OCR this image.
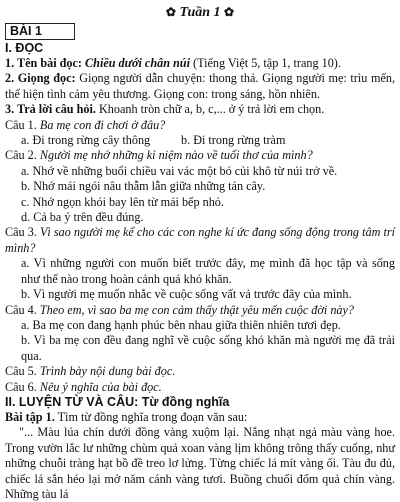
✿ Tuần 1 ✿
BÀI 1
I. ĐỌC

1. Tên bài đọc: Chiều dưới chân núi (Tiếng Việt 5, tập 1, trang 10).

2. Giọng đọc: Giọng người dẫn chuyện: thong thả. Giọng người mẹ: trìu mến, thể hiện tình cảm yêu thương. Giọng con: trong sáng, hồn nhiên.

3. Trả lời câu hỏi. Khoanh tròn chữ a, b, c,... ở ý trả lời em chọn.

Câu 1. Ba mẹ con đi chơi ở đâu?

a. Đi trong rừng cây thông	b. Đi trong rừng tràm

Câu 2. Người mẹ nhớ những kỉ niệm nào về tuổi thơ của mình?

a. Nhớ về những buổi chiều vai vác một bó củi khô từ núi trở về.

b. Nhớ mái ngói nâu thẫm lẫn giữa những tán cây.

c. Nhớ ngọn khói bay lên từ mái bếp nhỏ.

d. Cả ba ý trên đều đúng.

Câu 3. Vì sao người mẹ kể cho các con nghe kí ức đang sống động trong tâm trí mình?

a. Vì những người con muốn biết trước đây, mẹ mình đã học tập và sống như thế nào trong hoàn cảnh quá khó khăn.

b. Vì người mẹ muốn nhắc về cuộc sống vất vả trước đây của mình.

Câu 4. Theo em, vì sao ba mẹ con cảm thấy thật yêu mến cuộc đời này?

a. Ba mẹ con đang hạnh phúc bên nhau giữa thiên nhiên tươi đẹp.

b. Vì ba mẹ con đều đang nghĩ về cuộc sống khó khăn mà người mẹ đã trải qua.

Câu 5. Trình bày nội dung bài đọc.

Câu 6. Nêu ý nghĩa của bài đọc.

II. LUYỆN TỪ VÀ CÂU: Từ đồng nghĩa

Bài tập 1. Tìm từ đồng nghĩa trong đoạn văn sau:

"... Màu lúa chín dưới đồng vàng xuộm lại. Nắng nhạt ngả màu vàng hoe. Trong vườn lắc lư những chùm quả xoan vàng lịm không trông thấy cuống, như những chuỗi tràng hạt bồ đề treo lơ lửng. Từng chiếc lá mít vàng ối. Tàu đu đủ, chiếc lá sắn héo lại mở năm cánh vàng tươi. Buồng chuối đốm quả chín vàng. Những tàu lá
